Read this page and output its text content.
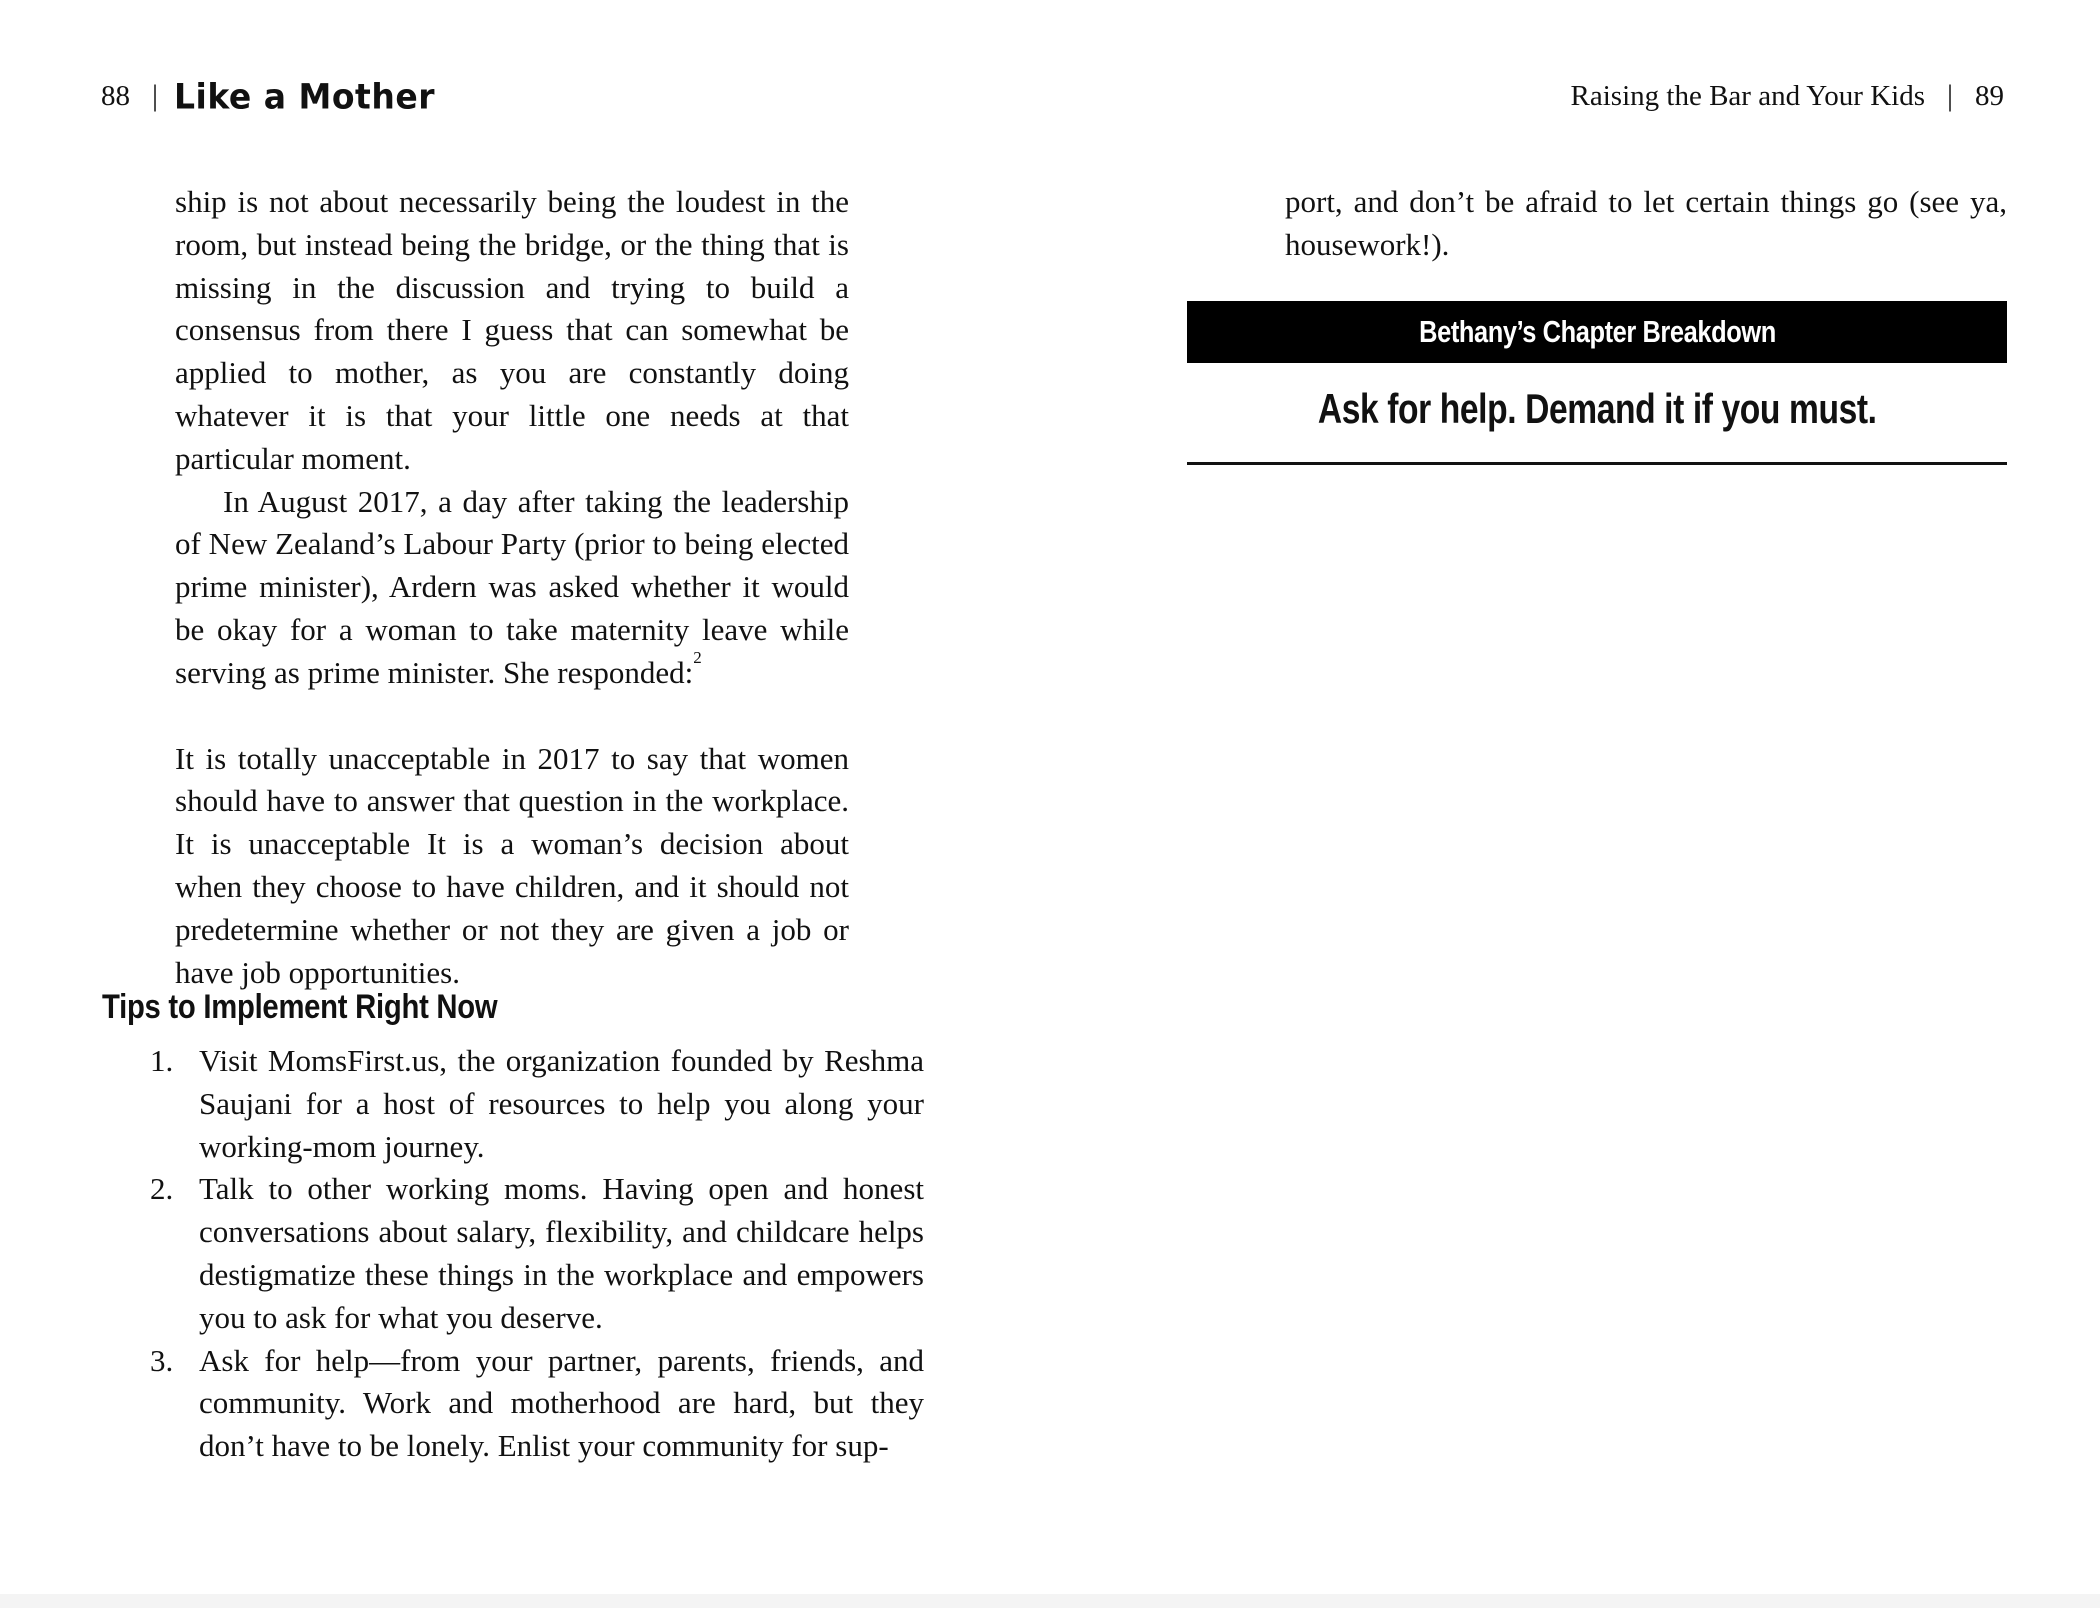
88 | Like a Mother

ship is not about necessarily being the loudest in the room, but instead being the bridge, or the thing that is missing in the discussion and trying to build a consensus from there I guess that can somewhat be applied to mother, as you are constantly doing whatever it is that your little one needs at that particular moment.

In August 2017, a day after taking the leadership of New Zealand’s Labour Party (prior to being elected prime minister), Ardern was asked whether it would be okay for a woman to take maternity leave while serving as prime minister. She responded:$^2$

It is totally unacceptable in 2017 to say that women should have to answer that question in the workplace. It is unacceptable It is a woman’s decision about when they choose to have children, and it should not predetermine whether or not they are given a job or have job opportunities.

Tips to Implement Right Now
1. Visit MomsFirst.us, the organization founded by Reshma Saujani for a host of resources to help you along your working-mom journey.
2. Talk to other working moms. Having open and honest conversations about salary, flexibility, and childcare helps destigmatize these things in the workplace and empowers you to ask for what you deserve.
3. Ask for help—from your partner, parents, friends, and community. Work and motherhood are hard, but they don’t have to be lonely. Enlist your community for sup-
Raising the Bar and Your Kids | 89

port, and don’t be afraid to let certain things go (see ya, housework!).

Bethany’s Chapter Breakdown
Ask for help. Demand it if you must.
